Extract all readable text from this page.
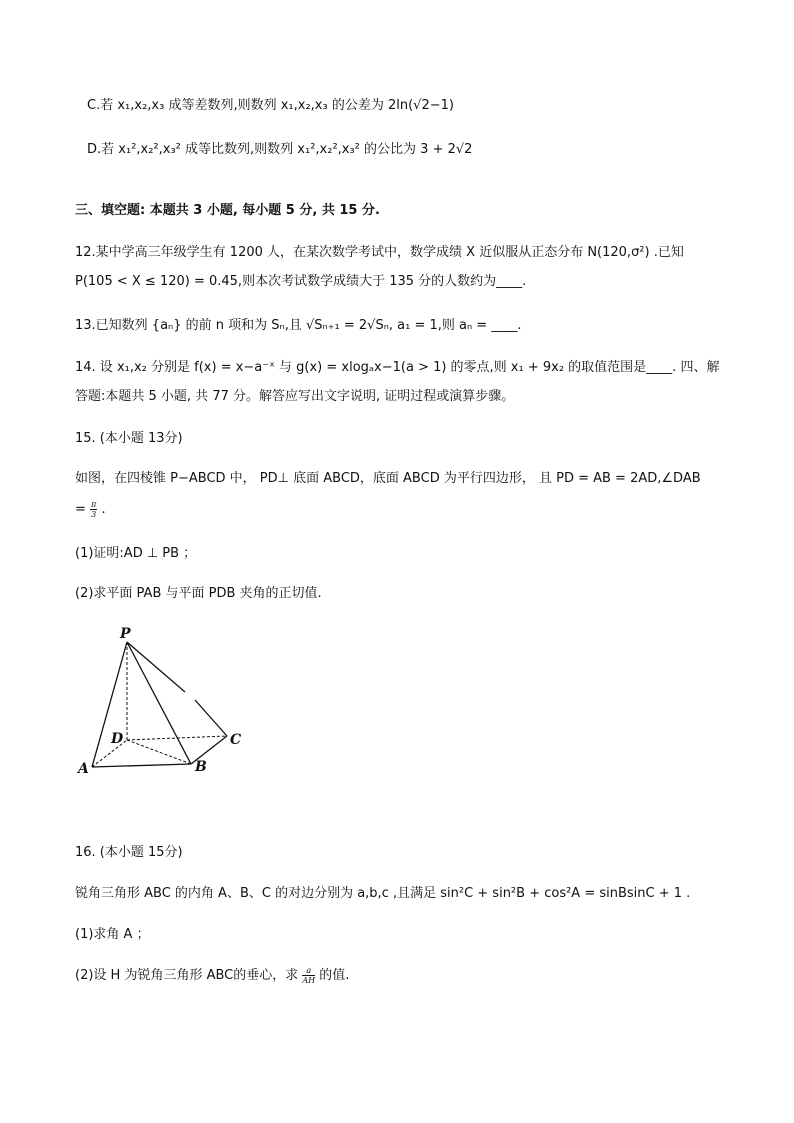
C.若 x₁,x₂,x₃ 成等差数列,则数列 x₁,x₂,x₃ 的公差为 2ln(√2−1)
D.若 x₁²,x₂²,x₃² 成等比数列,则数列 x₁²,x₂²,x₃² 的公比为 3 + 2√2
三、填空题: 本题共 3 小题, 每小题 5 分, 共 15 分.
12.某中学高三年级学生有 1200 人，在某次数学考试中，数学成绩 X 近似服从正态分布 N(120,σ²) .已知
P(105 < X ≤ 120) = 0.45,则本次考试数学成绩大于 135 分的人数约为____.
13.已知数列 {aₙ} 的前 n 项和为 Sₙ,且 √Sₙ₊₁ = 2√Sₙ, a₁ = 1,则 aₙ = ____.
14. 设 x₁,x₂ 分别是 f(x) = x−a⁻ˣ 与 g(x) = xlogₐx−1(a > 1) 的零点,则 x₁ + 9x₂ 的取值范围是____. 四、解
答题:本题共 5 小题, 共 77 分。解答应写出文字说明, 证明过程或演算步骤。
15. (本小题 13分)
如图，在四棱锥 P−ABCD 中， PD⊥ 底面 ABCD，底面 ABCD 为平行四边形， 且 PD = AB = 2AD,∠DAB
= $\frac{\pi}{3}$ .
(1)证明:AD ⊥ PB ；
(2)求平面 PAB 与平面 PDB 夹角的正切值.
P
D
A	B
C
16. (本小题 15分)
锐角三角形 ABC 的内角 A、B、C 的对边分别为 a,b,c ,且满足 sin²C + sin²B + cos²A = sinBsinC + 1 .
(1)求角 A ；
(2)设 H 为锐角三角形 ABC的垂心，求 $\frac{a}{AH}$ 的值.
